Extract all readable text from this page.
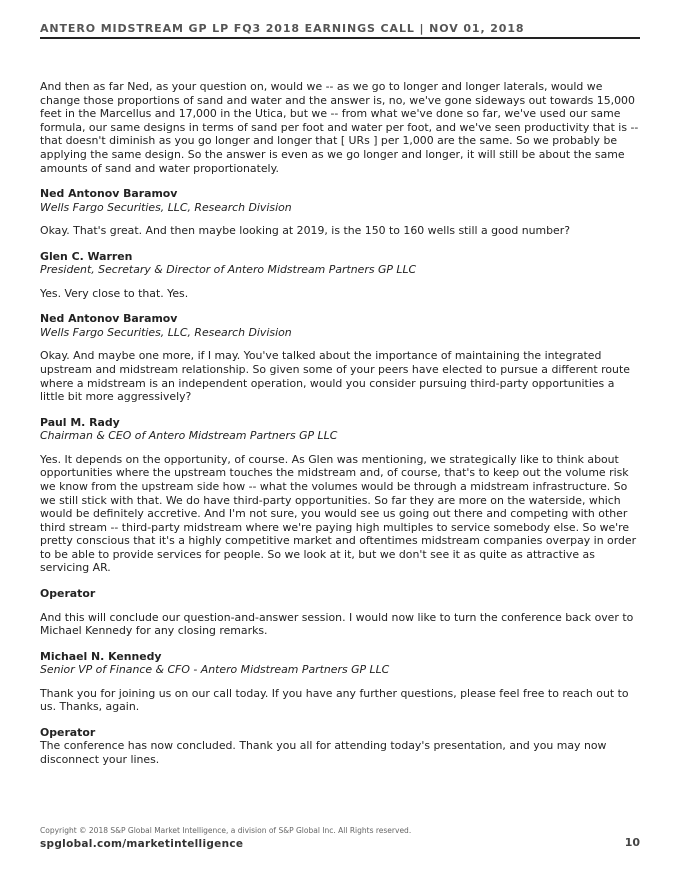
ANTERO MIDSTREAM GP LP FQ3 2018 EARNINGS CALL | NOV 01, 2018

And then as far Ned, as your question on, would we -- as we go to longer and longer laterals, would we change those proportions of sand and water and the answer is, no, we've gone sideways out towards 15,000 feet in the Marcellus and 17,000 in the Utica, but we -- from what we've done so far, we've used our same formula, our same designs in terms of sand per foot and water per foot, and we've seen productivity that is -- that doesn't diminish as you go longer and longer that [ URs ] per 1,000 are the same. So we probably be applying the same design. So the answer is even as we go longer and longer, it will still be about the same amounts of sand and water proportionately.

Ned Antonov Baramov
Wells Fargo Securities, LLC, Research Division

Okay. That's great. And then maybe looking at 2019, is the 150 to 160 wells still a good number?

Glen C. Warren
President, Secretary & Director of Antero Midstream Partners GP LLC

Yes. Very close to that. Yes.

Ned Antonov Baramov
Wells Fargo Securities, LLC, Research Division

Okay. And maybe one more, if I may. You've talked about the importance of maintaining the integrated upstream and midstream relationship. So given some of your peers have elected to pursue a different route where a midstream is an independent operation, would you consider pursuing third-party opportunities a little bit more aggressively?

Paul M. Rady
Chairman & CEO of Antero Midstream Partners GP LLC

Yes. It depends on the opportunity, of course. As Glen was mentioning, we strategically like to think about opportunities where the upstream touches the midstream and, of course, that's to keep out the volume risk we know from the upstream side how -- what the volumes would be through a midstream infrastructure. So we still stick with that. We do have third-party opportunities. So far they are more on the waterside, which would be definitely accretive. And I'm not sure, you would see us going out there and competing with other third stream -- third-party midstream where we're paying high multiples to service somebody else. So we're pretty conscious that it's a highly competitive market and oftentimes midstream companies overpay in order to be able to provide services for people. So we look at it, but we don't see it as quite as attractive as servicing AR.

Operator

And this will conclude our question-and-answer session. I would now like to turn the conference back over to Michael Kennedy for any closing remarks.

Michael N. Kennedy
Senior VP of Finance & CFO - Antero Midstream Partners GP LLC

Thank you for joining us on our call today. If you have any further questions, please feel free to reach out to us. Thanks, again.

Operator

The conference has now concluded. Thank you all for attending today's presentation, and you may now disconnect your lines.

Copyright © 2018 S&P Global Market Intelligence, a division of S&P Global Inc. All Rights reserved.
spglobal.com/marketintelligence	10
